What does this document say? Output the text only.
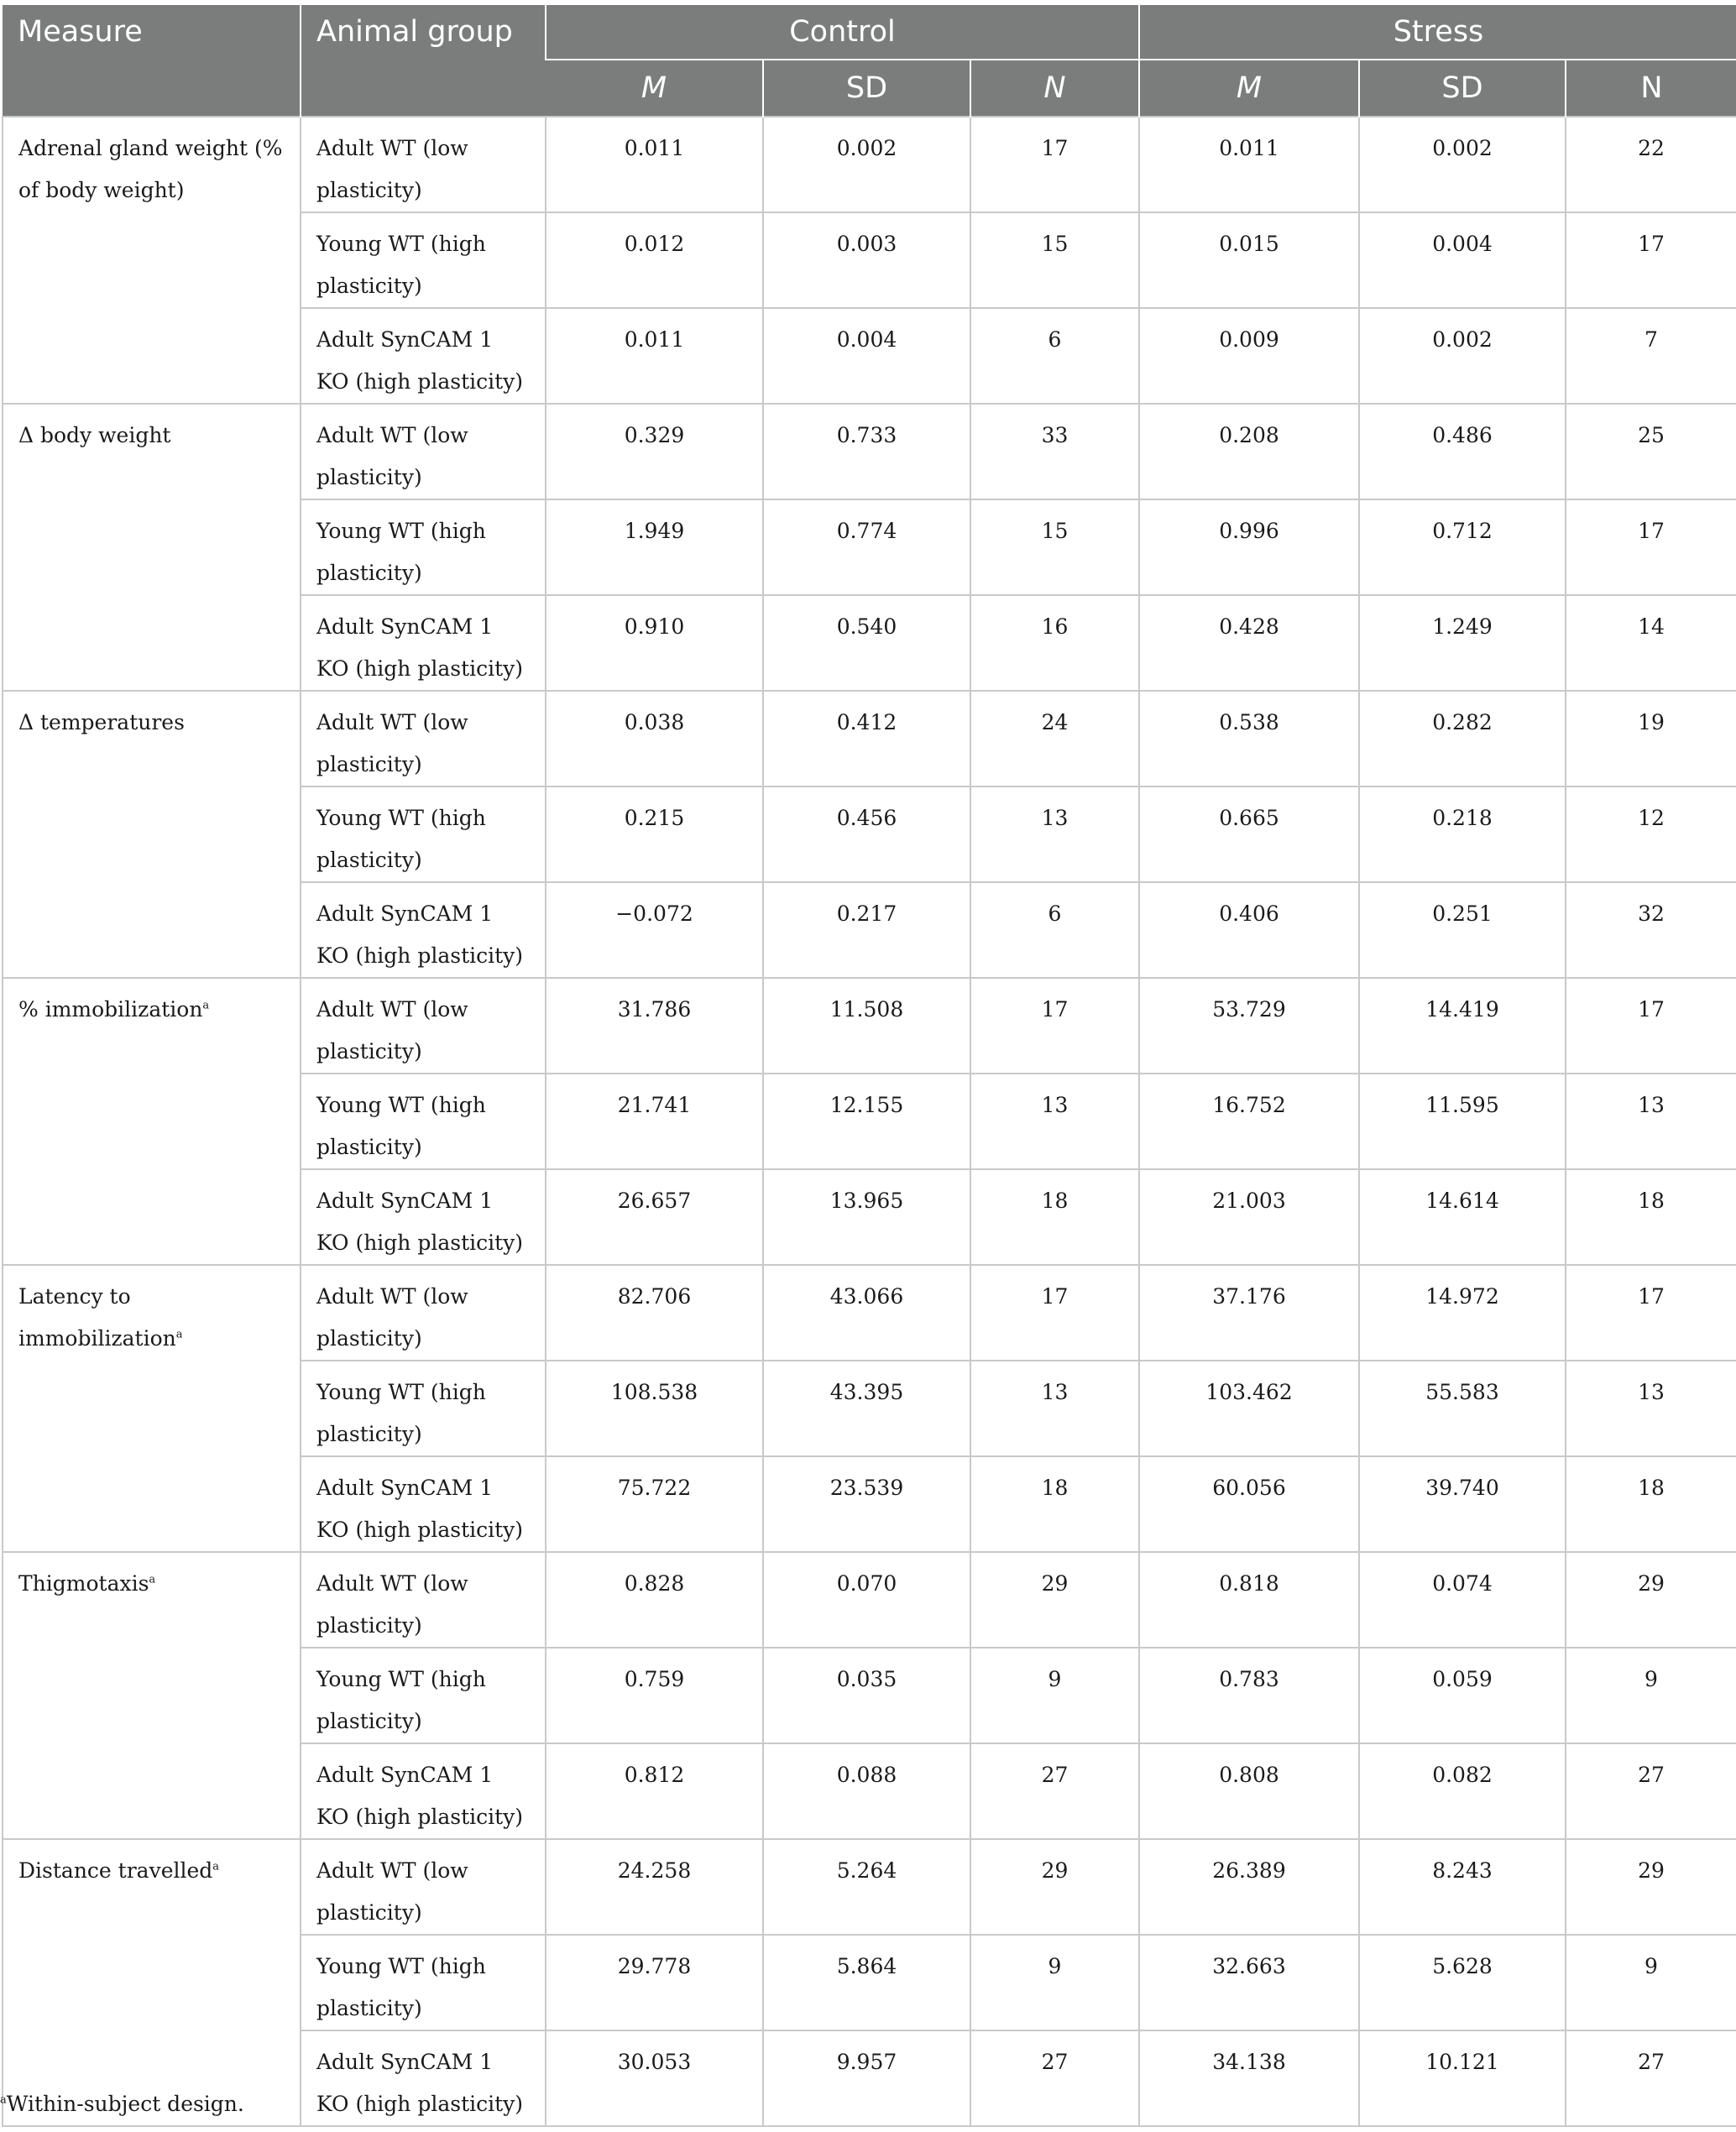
Measure	Animal group	Control			Stress		
		M	SD	N	M	SD	N
Adrenal gland weight (% of body weight)	Adult WT (low plasticity)	0.011	0.002	17	0.011	0.002	22
	Young WT (high plasticity)	0.012	0.003	15	0.015	0.004	17
	Adult SynCAM 1 KO (high plasticity)	0.011	0.004	6	0.009	0.002	7
Δ body weight	Adult WT (low plasticity)	0.329	0.733	33	0.208	0.486	25
	Young WT (high plasticity)	1.949	0.774	15	0.996	0.712	17
	Adult SynCAM 1 KO (high plasticity)	0.910	0.540	16	0.428	1.249	14
Δ temperatures	Adult WT (low plasticity)	0.038	0.412	24	0.538	0.282	19
	Young WT (high plasticity)	0.215	0.456	13	0.665	0.218	12
	Adult SynCAM 1 KO (high plasticity)	−0.072	0.217	6	0.406	0.251	32
% immobilization$^a$	Adult WT (low plasticity)	31.786	11.508	17	53.729	14.419	17
	Young WT (high plasticity)	21.741	12.155	13	16.752	11.595	13
	Adult SynCAM 1 KO (high plasticity)	26.657	13.965	18	21.003	14.614	18
Latency to immobilization$^a$	Adult WT (low plasticity)	82.706	43.066	17	37.176	14.972	17
	Young WT (high plasticity)	108.538	43.395	13	103.462	55.583	13
	Adult SynCAM 1 KO (high plasticity)	75.722	23.539	18	60.056	39.740	18
Thigmotaxis$^a$	Adult WT (low plasticity)	0.828	0.070	29	0.818	0.074	29
	Young WT (high plasticity)	0.759	0.035	9	0.783	0.059	9
	Adult SynCAM 1 KO (high plasticity)	0.812	0.088	27	0.808	0.082	27
Distance travelled$^a$	Adult WT (low plasticity)	24.258	5.264	29	26.389	8.243	29
	Young WT (high plasticity)	29.778	5.864	9	32.663	5.628	9
	Adult SynCAM 1 KO (high plasticity)	30.053	9.957	27	34.138	10.121	27
$^a$Within-subject design.
